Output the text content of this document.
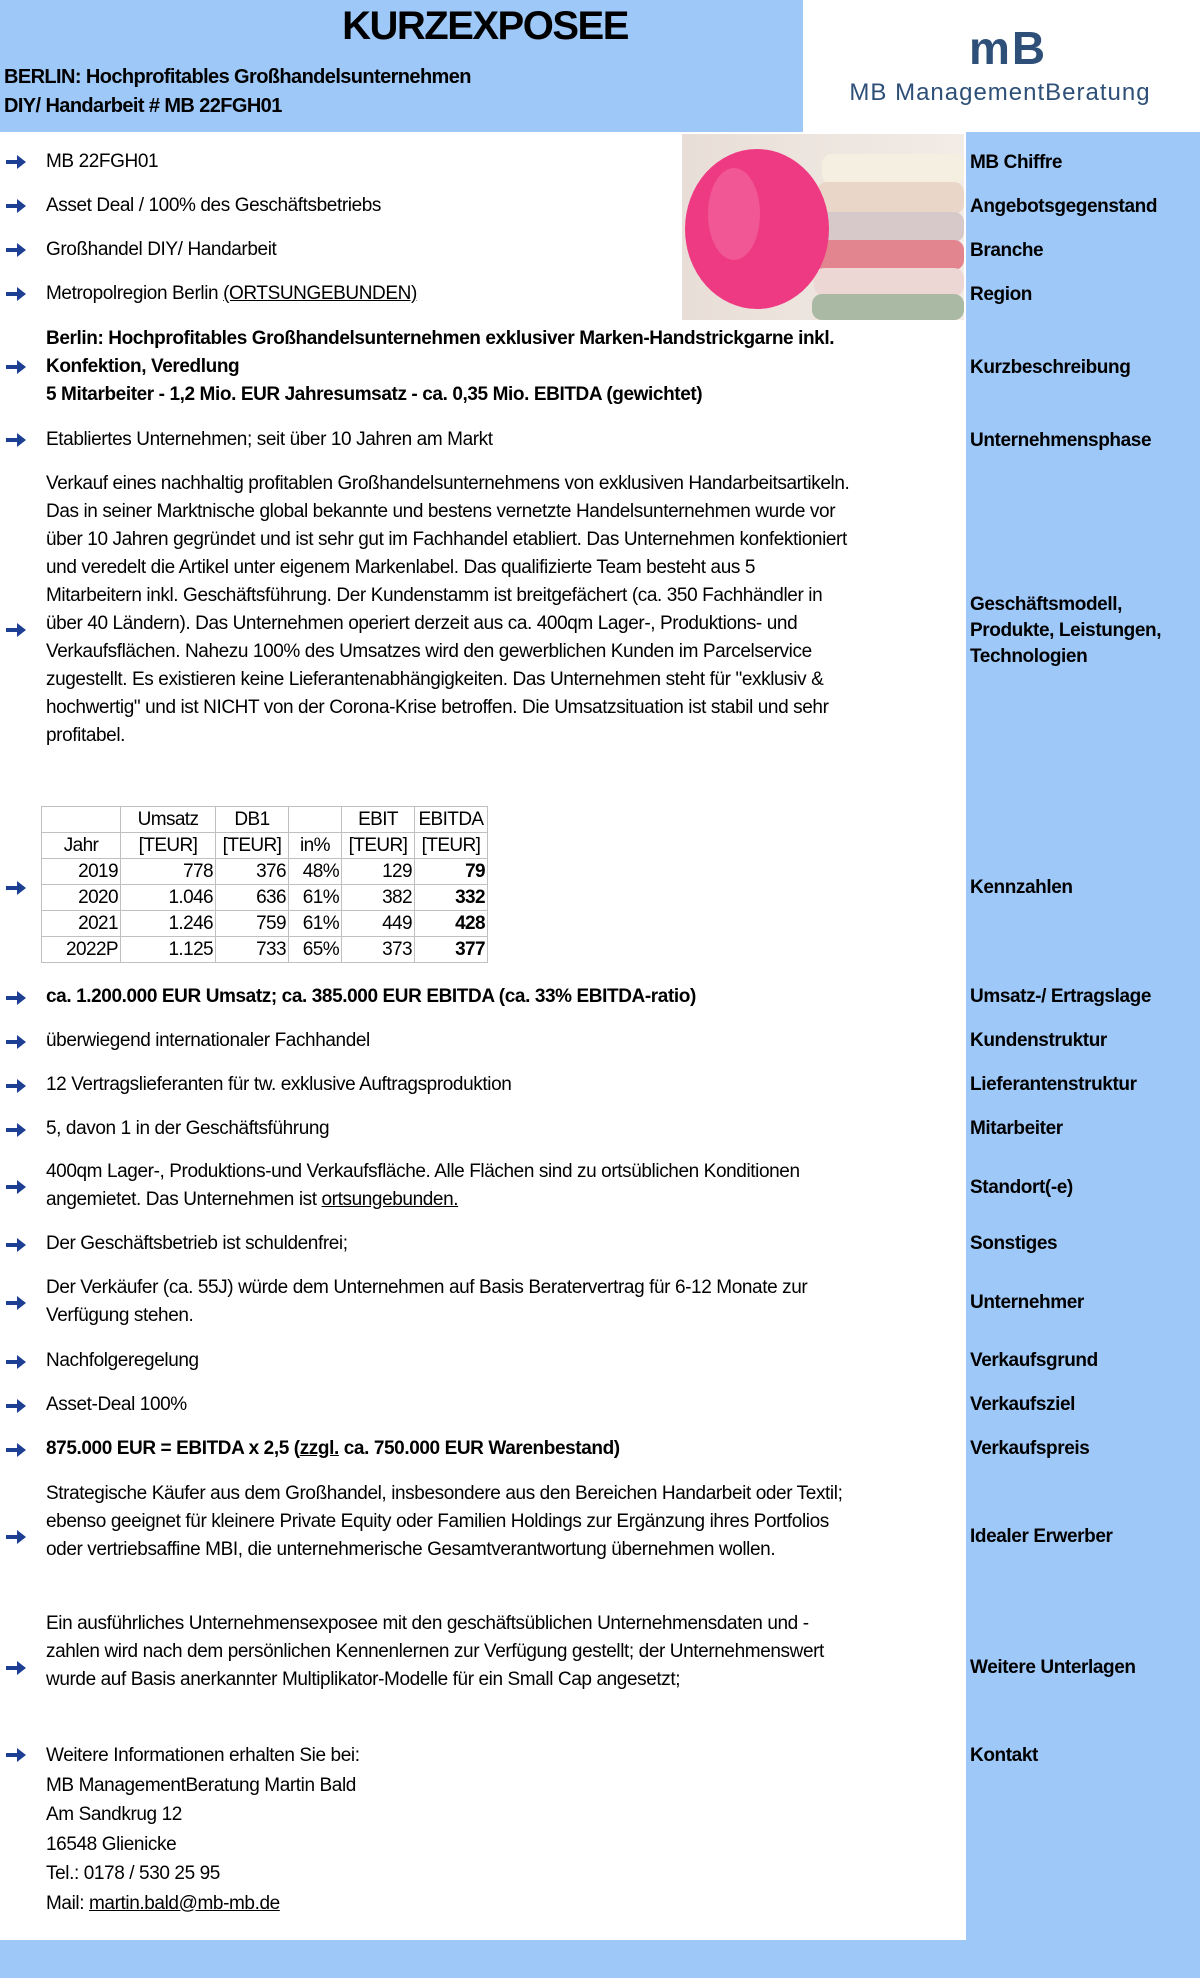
KURZEXPOSEE
BERLIN: Hochprofitables Großhandelsunternehmen
DIY/ Handarbeit # MB 22FGH01
mB
MB ManagementBeratung
MB 22FGH01	MB Chiffre
Asset Deal / 100% des Geschäftsbetriebs	Angebotsgegenstand
Großhandel DIY/ Handarbeit	Branche
Metropolregion Berlin (ORTSUNGEBUNDEN)	Region
Berlin: Hochprofitables Großhandelsunternehmen exklusiver Marken-Handstrickgarne inkl.
Konfektion, Veredlung
5 Mitarbeiter - 1,2 Mio. EUR Jahresumsatz - ca. 0,35 Mio. EBITDA (gewichtet)
Kurzbeschreibung
Etabliertes Unternehmen; seit über 10 Jahren am Markt	Unternehmensphase
Verkauf eines nachhaltig profitablen Großhandelsunternehmens von exklusiven Handarbeitsartikeln.
Das in seiner Marktnische global bekannte und bestens vernetzte Handelsunternehmen wurde vor
über 10 Jahren gegründet und ist sehr gut im Fachhandel etabliert. Das Unternehmen konfektioniert
und veredelt die Artikel unter eigenem Markenlabel. Das qualifizierte Team besteht aus 5
Mitarbeitern inkl. Geschäftsführung. Der Kundenstamm ist breitgefächert (ca. 350 Fachhändler in
über 40 Ländern). Das Unternehmen operiert derzeit aus ca. 400qm Lager-, Produktions- und
Verkaufsflächen. Nahezu 100% des Umsatzes wird den gewerblichen Kunden im Parcelservice
zugestellt. Es existieren keine Lieferantenabhängigkeiten. Das Unternehmen steht für "exklusiv &
hochwertig" und ist NICHT von der Corona-Krise betroffen. Die Umsatzsituation ist stabil und sehr
profitabel.
Geschäftsmodell,
Produkte, Leistungen,
Technologien
	Umsatz	DB1		EBIT	EBITDA
Jahr	[TEUR]	[TEUR]	in%	[TEUR]	[TEUR]
2019	778	376	48%	129	79
2020	1.046	636	61%	382	332
2021	1.246	759	61%	449	428
2022P	1.125	733	65%	373	377
Kennzahlen
ca. 1.200.000 EUR Umsatz; ca. 385.000 EUR EBITDA (ca. 33% EBITDA-ratio)	Umsatz-/ Ertragslage
überwiegend internationaler Fachhandel	Kundenstruktur
12 Vertragslieferanten für tw. exklusive Auftragsproduktion	Lieferantenstruktur
5, davon 1 in der Geschäftsführung	Mitarbeiter
400qm Lager-, Produktions-und Verkaufsfläche. Alle Flächen sind zu ortsüblichen Konditionen
angemietet. Das Unternehmen ist ortsungebunden.
Standort(-e)
Der Geschäftsbetrieb ist schuldenfrei;	Sonstiges
Der Verkäufer (ca. 55J) würde dem Unternehmen auf Basis Beratervertrag für 6-12 Monate zur
Verfügung stehen.
Unternehmer
Nachfolgeregelung	Verkaufsgrund
Asset-Deal 100%	Verkaufsziel
875.000 EUR = EBITDA x 2,5 (zzgl. ca. 750.000 EUR Warenbestand)	Verkaufspreis
Strategische Käufer aus dem Großhandel, insbesondere aus den Bereichen Handarbeit oder Textil;
ebenso geeignet für kleinere Private Equity oder Familien Holdings zur Ergänzung ihres Portfolios
oder vertriebsaffine MBI, die unternehmerische Gesamtverantwortung übernehmen wollen.
Idealer Erwerber
Ein ausführliches Unternehmensexposee mit den geschäftsüblichen Unternehmensdaten und -
zahlen wird nach dem persönlichen Kennenlernen zur Verfügung gestellt; der Unternehmenswert
wurde auf Basis anerkannter Multiplikator-Modelle für ein Small Cap angesetzt;
Weitere Unterlagen
Weitere Informationen erhalten Sie bei:
MB ManagementBeratung Martin Bald
Am Sandkrug 12
16548 Glienicke
Tel.: 0178 / 530 25 95
Mail: martin.bald@mb-mb.de
Kontakt
